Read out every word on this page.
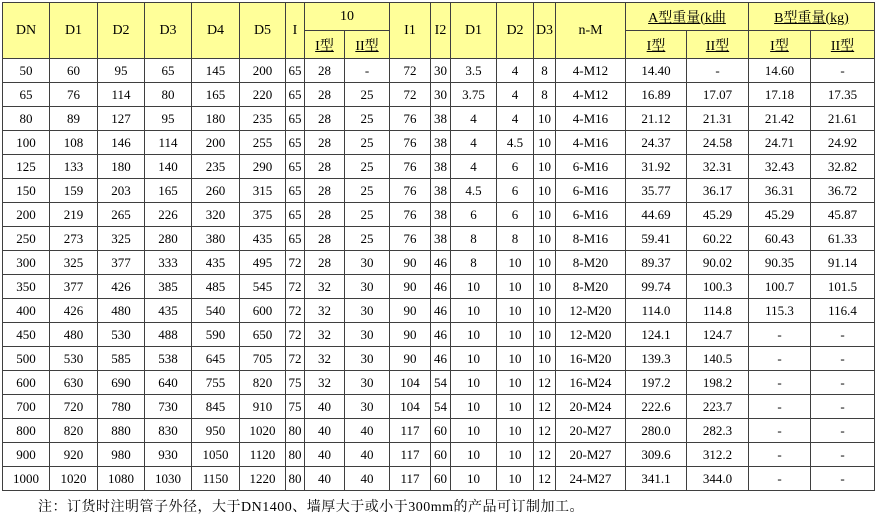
DN	D1	D2	D3	D4	D5	I	10		I1	I2	D1	D2	D3	n-M	A型重量(k曲		B型重量(kg)	
							I型	II型							I型	II型	I型	II型
50	60	95	65	145	200	65	28	-	72	30	3.5	4	8	4-M12	14.40	-	14.60	-
65	76	114	80	165	220	65	28	25	72	30	3.75	4	8	4-M12	16.89	17.07	17.18	17.35
80	89	127	95	180	235	65	28	25	76	38	4	4	10	4-M16	21.12	21.31	21.42	21.61
100	108	146	114	200	255	65	28	25	76	38	4	4.5	10	4-M16	24.37	24.58	24.71	24.92
125	133	180	140	235	290	65	28	25	76	38	4	6	10	6-M16	31.92	32.31	32.43	32.82
150	159	203	165	260	315	65	28	25	76	38	4.5	6	10	6-M16	35.77	36.17	36.31	36.72
200	219	265	226	320	375	65	28	25	76	38	6	6	10	6-M16	44.69	45.29	45.29	45.87
250	273	325	280	380	435	65	28	25	76	38	8	8	10	8-M16	59.41	60.22	60.43	61.33
300	325	377	333	435	495	72	28	30	90	46	8	10	10	8-M20	89.37	90.02	90.35	91.14
350	377	426	385	485	545	72	32	30	90	46	10	10	10	8-M20	99.74	100.3	100.7	101.5
400	426	480	435	540	600	72	32	30	90	46	10	10	10	12-M20	114.0	114.8	115.3	116.4
450	480	530	488	590	650	72	32	30	90	46	10	10	10	12-M20	124.1	124.7	-	-
500	530	585	538	645	705	72	32	30	90	46	10	10	10	16-M20	139.3	140.5	-	-
600	630	690	640	755	820	75	32	30	104	54	10	10	12	16-M24	197.2	198.2	-	-
700	720	780	730	845	910	75	40	30	104	54	10	10	12	20-M24	222.6	223.7	-	-
800	820	880	830	950	1020	80	40	40	117	60	10	10	12	20-M27	280.0	282.3	-	-
900	920	980	930	1050	1120	80	40	40	117	60	10	10	12	20-M27	309.6	312.2	-	-
1000	1020	1080	1030	1150	1220	80	40	40	117	60	10	10	12	24-M27	341.1	344.0	-	-
注：订货时注明管子外径，大于DN1400、墙厚大于或小于300mm的产品可订制加工。
